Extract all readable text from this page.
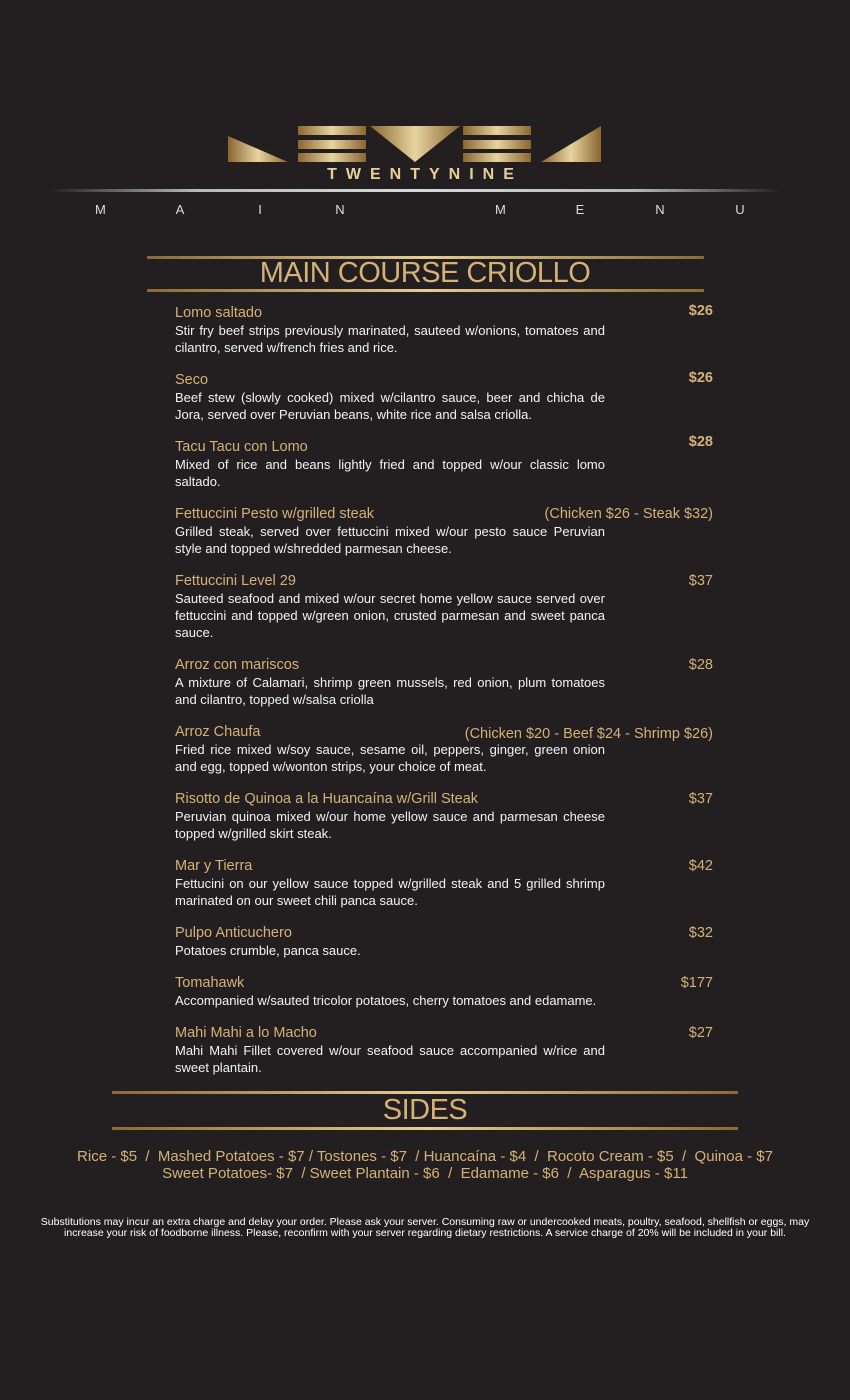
TWENTYNINE
M	A	I	N	M	E	N	U
MAIN COURSE CRIOLLO
Lomo saltado	$26
Stir fry beef strips previously marinated, sauteed w/onions, tomatoes and cilantro, served w/french fries and rice.
Seco	$26
Beef stew (slowly cooked) mixed w/cilantro sauce, beer and chicha de Jora, served over Peruvian beans, white rice and salsa criolla.
Tacu Tacu con Lomo	$28
Mixed of rice and beans lightly fried and topped w/our classic lomo saltado.
Fettuccini Pesto w/grilled steak	(Chicken $26 - Steak $32)
Grilled steak, served over fettuccini mixed w/our pesto sauce Peruvian style and topped w/shredded parmesan cheese.
Fettuccini Level 29	$37
Sauteed seafood and mixed w/our secret home yellow sauce served over fettuccini and topped w/green onion, crusted parmesan and sweet panca sauce.
Arroz con mariscos	$28
A mixture of Calamari, shrimp green mussels, red onion, plum tomatoes and cilantro, topped w/salsa criolla
Arroz Chaufa	(Chicken $20 - Beef $24 - Shrimp $26)
Fried rice mixed w/soy sauce, sesame oil, peppers, ginger, green onion and egg, topped w/wonton strips, your choice of meat.
Risotto de Quinoa a la Huancaína w/Grill Steak	$37
Peruvian quinoa mixed w/our home yellow sauce and parmesan cheese topped w/grilled skirt steak.
Mar y Tierra	$42
Fettucini on our yellow sauce topped w/grilled steak and 5 grilled shrimp marinated on our sweet chili panca sauce.
Pulpo Anticuchero	$32
Potatoes crumble, panca sauce.
Tomahawk	$177
Accompanied w/sauted tricolor potatoes, cherry tomatoes and edamame.
Mahi Mahi a lo Macho	$27
Mahi Mahi Fillet covered w/our seafood sauce accompanied w/rice and sweet plantain.
SIDES
Rice - $5  /  Mashed Potatoes - $7 / Tostones - $7  / Huancaína - $4  /  Rocoto Cream - $5  /  Quinoa - $7
Sweet Potatoes- $7  / Sweet Plantain - $6  /  Edamame - $6  /  Asparagus - $11
Substitutions may incur an extra charge and delay your order. Please ask your server. Consuming raw or undercooked meats, poultry, seafood, shellfish or eggs, may increase your risk of foodborne illness. Please, reconfirm with your server regarding dietary restrictions. A service charge of 20% will be included in your bill.
